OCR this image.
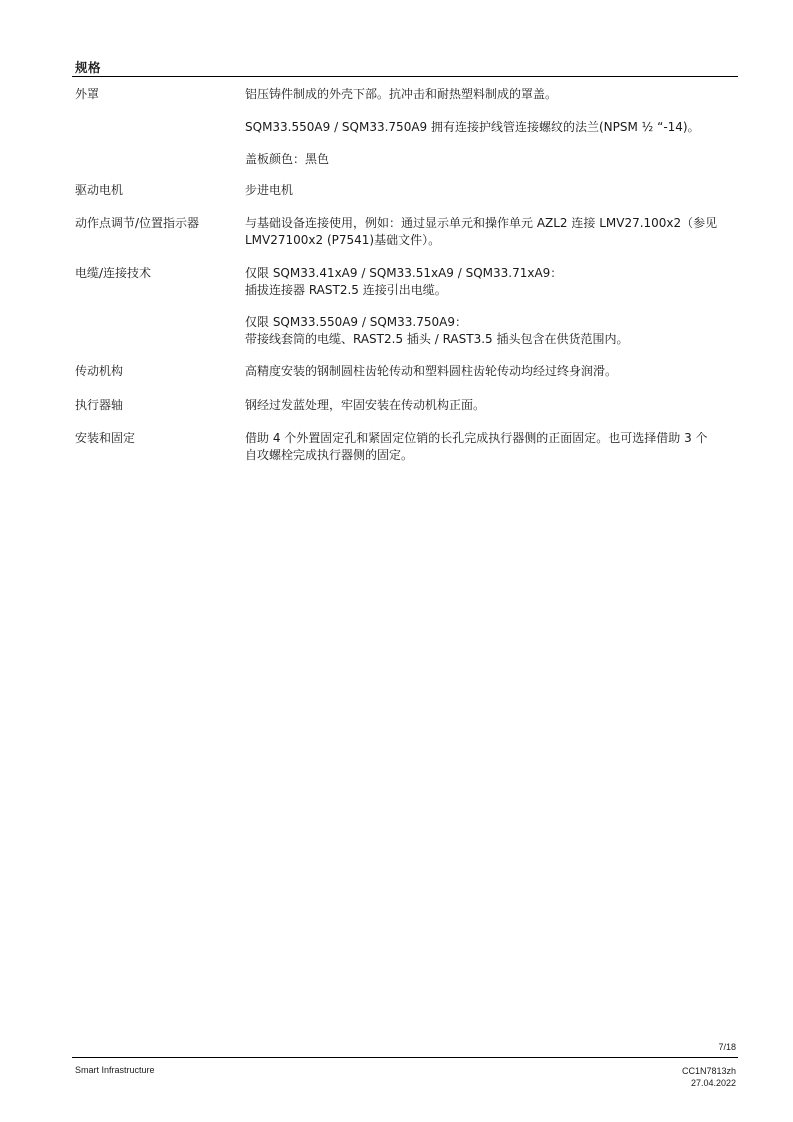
规格
外罩	铝压铸件制成的外壳下部。抗冲击和耐热塑料制成的罩盖。
SQM33.550A9 / SQM33.750A9 拥有连接护线管连接螺纹的法兰(NPSM ½ “-14)。
盖板颜色：黑色
驱动电机	步进电机
动作点调节/位置指示器	与基础设备连接使用，例如：通过显示单元和操作单元 AZL2 连接 LMV27.100x2（参见
LMV27100x2 (P7541)基础文件）。
电缆/连接技术	仅限 SQM33.41xA9 / SQM33.51xA9 / SQM33.71xA9：
插拔连接器 RAST2.5 连接引出电缆。
仅限 SQM33.550A9 / SQM33.750A9：
带接线套筒的电缆、RAST2.5 插头 / RAST3.5 插头包含在供货范围内。
传动机构	高精度安装的钢制圆柱齿轮传动和塑料圆柱齿轮传动均经过终身润滑。
执行器轴	钢经过发蓝处理，牢固安装在传动机构正面。
安装和固定	借助 4 个外置固定孔和紧固定位销的长孔完成执行器侧的正面固定。也可选择借助 3 个
自攻螺栓完成执行器侧的固定。
7/18
Smart Infrastructure	CC1N7813zh
27.04.2022
